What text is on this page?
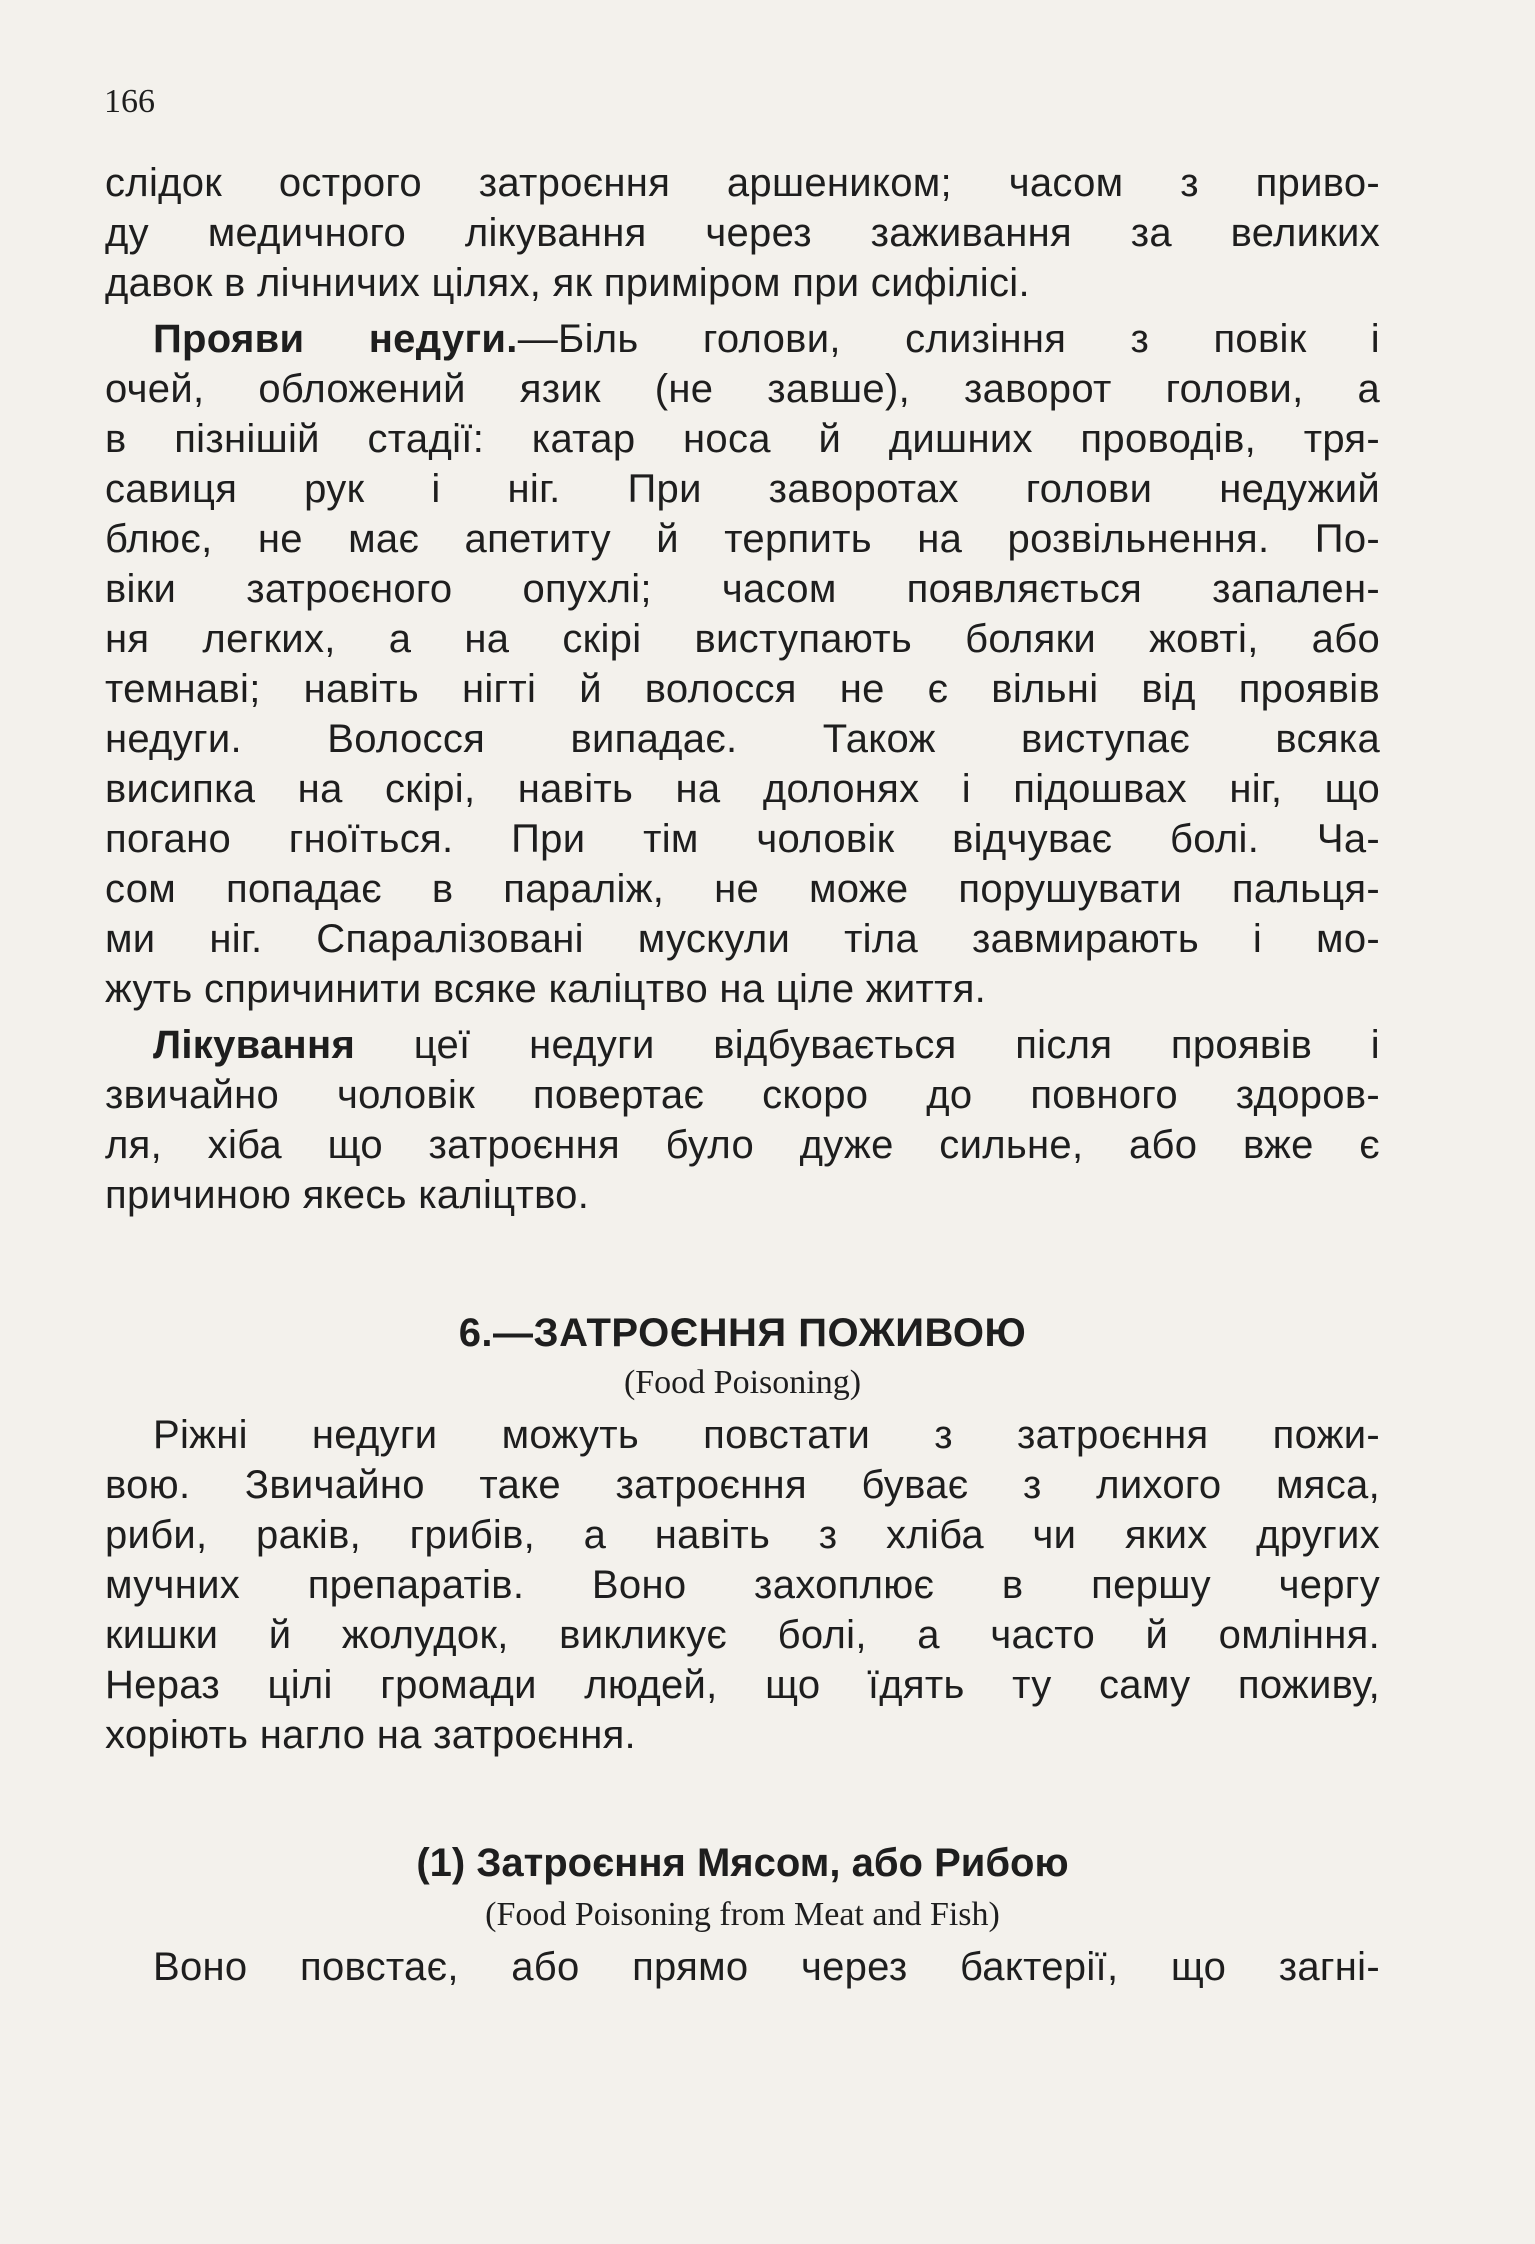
166

слідок острого затроєння аршеником; часом з приво-
ду медичного лікування через заживання за великих
давок в лічничих цілях, як приміром при сифілісі.
Прояви недуги.—Біль голови, слизіння з повік і
очей, обложений язик (не завше), заворот голови, а
в пізнішій стадії: катар носа й дишних проводів, тря-
савиця рук і ніг. При заворотах голови недужий
блює, не має апетиту й терпить на розвільнення. По-
віки затроєного опухлі; часом появляється запален-
ня легких, а на скірі виступають боляки жовті, або
темнаві; навіть нігті й волосся не є вільні від проявів
недуги. Волосся випадає. Також виступає всяка
висипка на скірі, навіть на долонях і підошвах ніг, що
погано гноїться. При тім чоловік відчуває болі. Ча-
сом попадає в параліж, не може порушувати пальця-
ми ніг. Спаралізовані мускули тіла завмирають і мо-
жуть спричинити всяке каліцтво на ціле життя.
Лікування цеї недуги відбувається після проявів і
звичайно чоловік повертає скоро до повного здоров-
ля, хіба що затроєння було дуже сильне, або вже є
причиною якесь каліцтво.
6.—ЗАТРОЄННЯ ПОЖИВОЮ

(Food Poisoning)

Ріжні недуги можуть повстати з затроєння пожи-
вою. Звичайно таке затроєння буває з лихого мяса,
риби, раків, грибів, а навіть з хліба чи яких других
мучних препаратів. Воно захоплює в першу чергу
кишки й жолудок, викликує болі, а часто й омління.
Нераз цілі громади людей, що їдять ту саму поживу,
хоріють нагло на затроєння.
(1) Затроєння Мясом, або Рибою

(Food Poisoning from Meat and Fish)

Воно повстає, або прямо через бактерії, що загні-
